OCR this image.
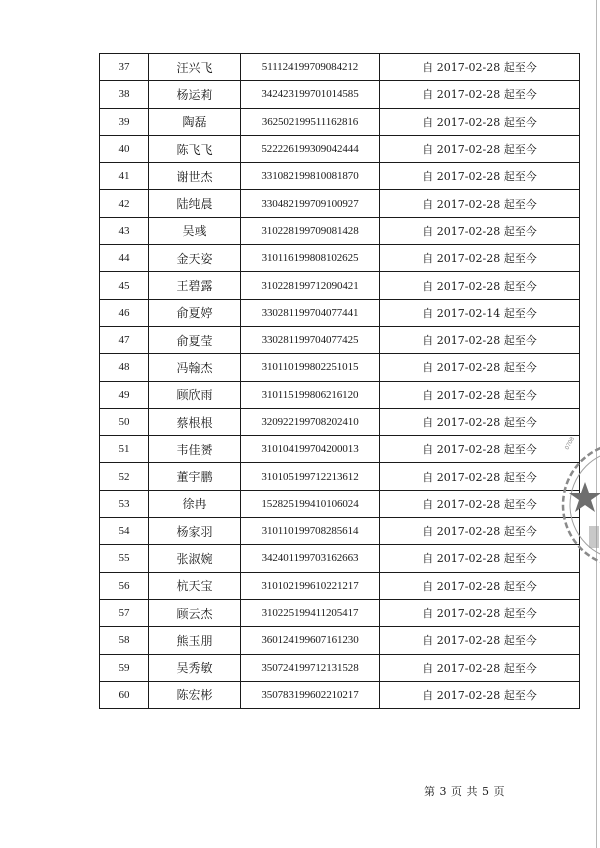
37	汪兴飞	511124199709084212	自 2017-02-28 起至今
38	杨运莉	342423199701014585	自 2017-02-28 起至今
39	陶磊	362502199511162816	自 2017-02-28 起至今
40	陈飞飞	522226199309042444	自 2017-02-28 起至今
41	谢世杰	331082199810081870	自 2017-02-28 起至今
42	陆纯晨	330482199709100927	自 2017-02-28 起至今
43	吴彧	310228199709081428	自 2017-02-28 起至今
44	金天姿	310116199808102625	自 2017-02-28 起至今
45	王碧露	310228199712090421	自 2017-02-28 起至今
46	俞夏婷	330281199704077441	自 2017-02-14 起至今
47	俞夏莹	330281199704077425	自 2017-02-28 起至今
48	冯翰杰	310110199802251015	自 2017-02-28 起至今
49	顾欣雨	310115199806216120	自 2017-02-28 起至今
50	蔡根根	320922199708202410	自 2017-02-28 起至今
51	韦佳赟	310104199704200013	自 2017-02-28 起至今
52	董宇鹏	310105199712213612	自 2017-02-28 起至今
53	徐冉	152825199410106024	自 2017-02-28 起至今
54	杨家羽	310110199708285614	自 2017-02-28 起至今
55	张淑婉	342401199703162663	自 2017-02-28 起至今
56	杭天宝	310102199610221217	自 2017-02-28 起至今
57	顾云杰	310225199411205417	自 2017-02-28 起至今
58	熊玉朋	360124199607161230	自 2017-02-28 起至今
59	吴秀敏	350724199712131528	自 2017-02-28 起至今
60	陈宏彬	350783199602210217	自 2017-02-28 起至今
第 3 页 共 5 页
0708
